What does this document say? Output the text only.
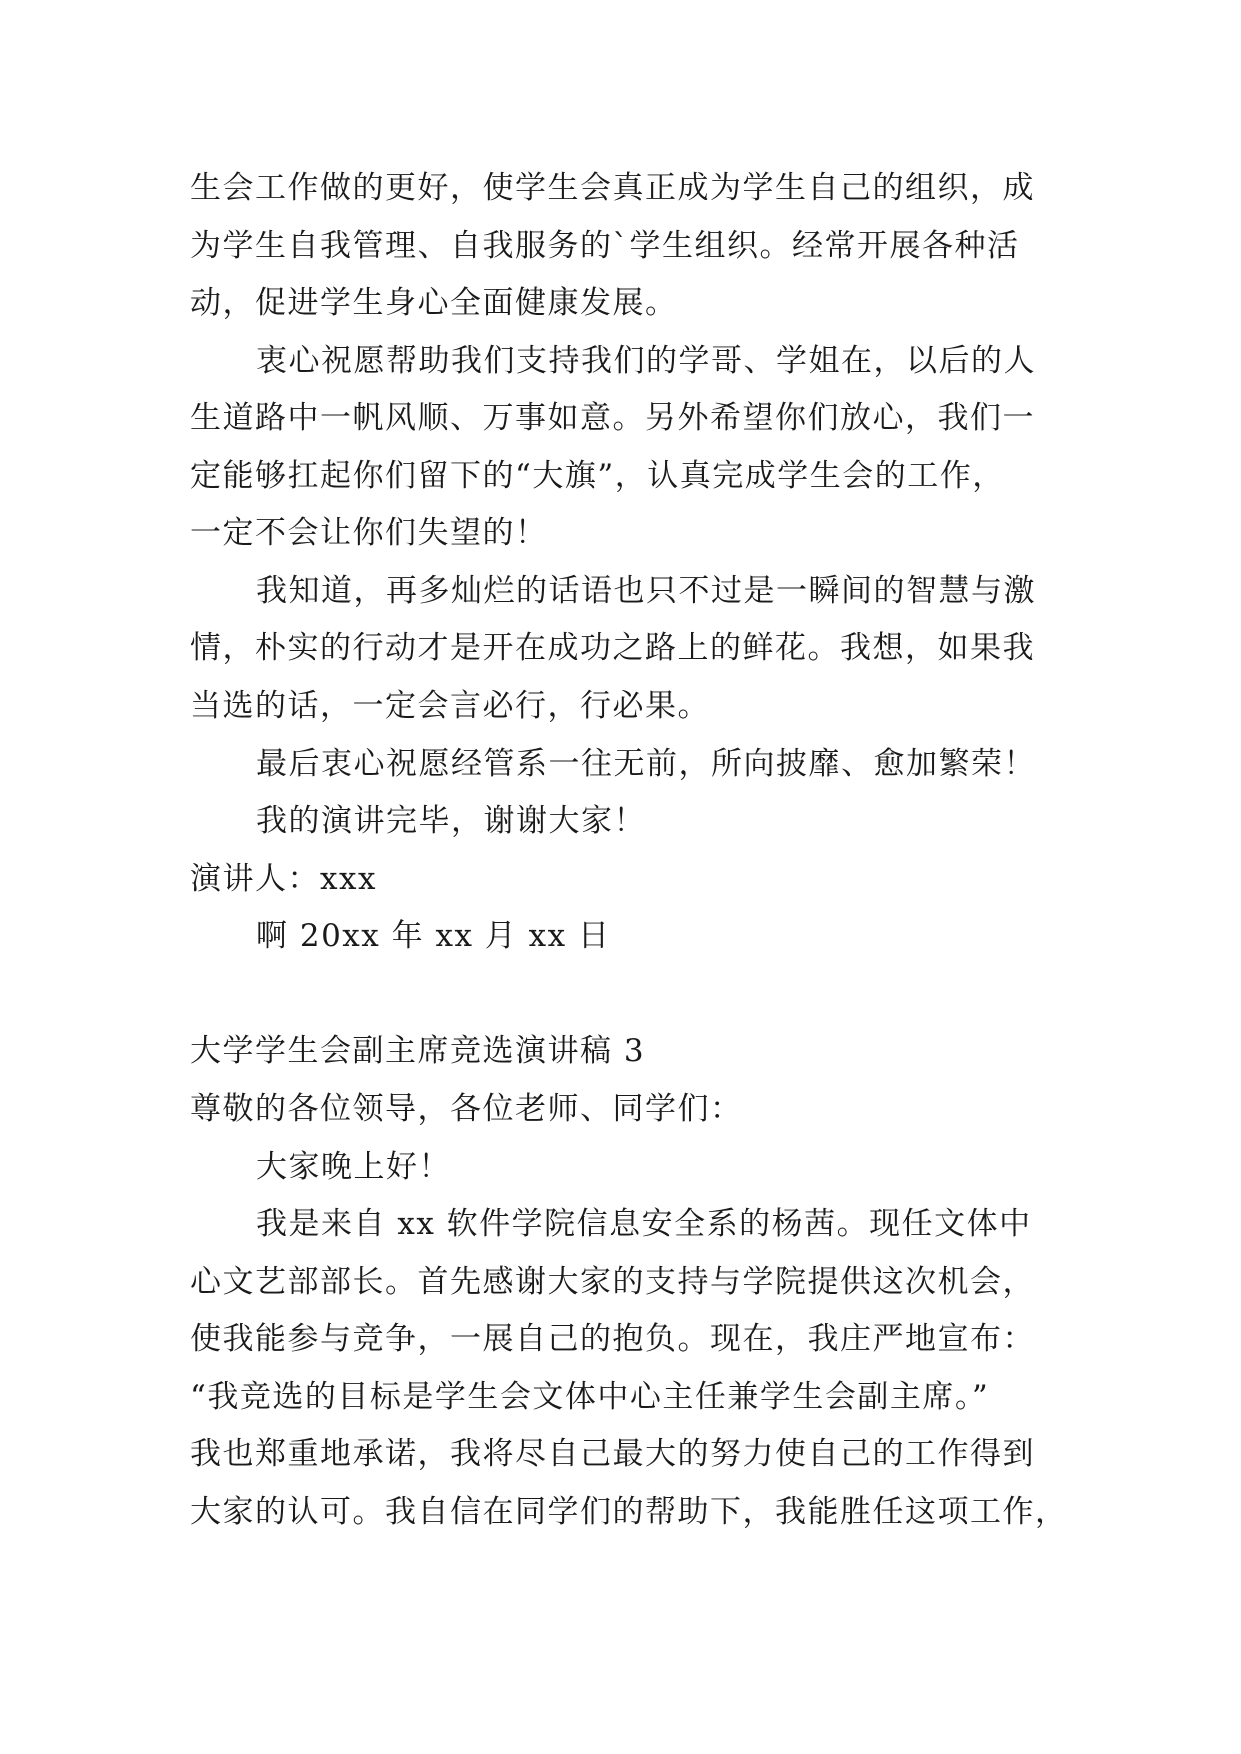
生会工作做的更好，使学生会真正成为学生自己的组织，成
为学生自我管理、自我服务的`学生组织。经常开展各种活
动，促进学生身心全面健康发展。
衷心祝愿帮助我们支持我们的学哥、学姐在，以后的人
生道路中一帆风顺、万事如意。另外希望你们放心，我们一
定能够扛起你们留下的“大旗”，认真完成学生会的工作，
一定不会让你们失望的！
我知道，再多灿烂的话语也只不过是一瞬间的智慧与激
情，朴实的行动才是开在成功之路上的鲜花。我想，如果我
当选的话，一定会言必行，行必果。
最后衷心祝愿经管系一往无前，所向披靡、愈加繁荣！
我的演讲完毕，谢谢大家！
演讲人：xxx
啊 20xx 年 xx 月 xx 日
大学学生会副主席竞选演讲稿 3
尊敬的各位领导，各位老师、同学们：
大家晚上好！
我是来自 xx 软件学院信息安全系的杨茜。现任文体中
心文艺部部长。首先感谢大家的支持与学院提供这次机会，
使我能参与竞争，一展自己的抱负。现在，我庄严地宣布：
“我竞选的目标是学生会文体中心主任兼学生会副主席。”
我也郑重地承诺，我将尽自己最大的努力使自己的工作得到
大家的认可。我自信在同学们的帮助下，我能胜任这项工作，
